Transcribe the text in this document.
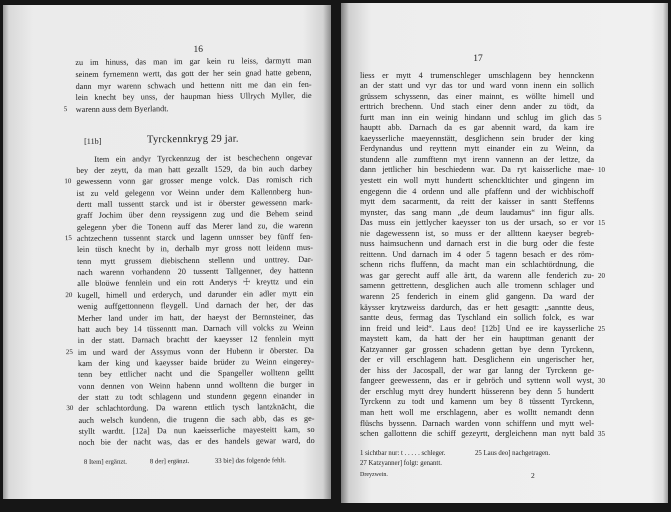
16
zu im hinuss, das man im gar kein ru leiss, darmytt man
seinem fyrnemenn wertt, das gott der her sein gnad hatte gebenn,
dann myr warenn schwach und hettenn nitt me dan ein fen-
lein knecht bey unss, der haupman hiess Ullrych Myller, die
5	warenn auss dem Byerlandt.
[11b]	Tyrckennkryg 29 jar.
Item ein andyr Tyrckennzug der ist beschechenn ongevar
bey der zeytt, da man hatt gezallt 1529, da bin auch darbey
10 gewessenn vonn gar grosser menge volck. Das romisch rich
ist zu veld gelegenn vor Weinn under dem Kallennberg hun-
dertt mall tussentt starck und ist ir öberster gewessenn mark-
graff Jochim über denn reyssigenn zug und die Behem seind
gelegenn yber die Tonenn auff das Merer land zu, die warenn
15 achtzechenn tussennt starck und lagenn unnsser bey fünff fen-
lein tüsch knecht by in, derhalb myr gross nott leidenn mus-
tenn mytt grussem diebischenn stellenn und unttrey. Dar-
nach warenn vorhandenn 20 tussentt Tallgenner, dey hattenn
alle bloüwe fennlein und ein rott Anderys ☩ kreyttz und ein
20 kugell, himell und erderych, und darunder ein adler mytt ein
wenig auffgettonnenn fleygell. Und darnach der her, der das
Merher land under im hatt, der haeyst der Bernnsteiner, das
hatt auch bey 14 tüssenntt man. Darnach vill volcks zu Weinn
in der statt. Darnach brachtt der kaeysser 12 fennlein mytt
25 im und ward der Assymus vonn der Hubenn ir öberster. Da
kam der king und kaeysser baide brüder zu Weinn eingerey-
tenn bey ettlicher nacht und die Spangeller wolltenn gelltt
vonn dennen von Weinn habenn unnd wolltenn die burger in
der statt zu todt schlagenn und stundenn gegenn einander in
30 der schlachtordung. Da warenn ettlich tysch lantzknächt, die
auch welsch kundenn, die trugenn die sach abb, das es ge-
styllt wardtt. [12a] Da nun kaeisserliche mayesteitt kam, so
noch bie der nacht was, das er des handels gewar ward, do
8 Item] ergänzt.	8 der] ergänzt.	33 bie] das folgende fehlt.
17
liess er mytt 4 trumenschleger umschlagenn bey hennckenn
an der statt und vyr das tor und ward vonn inenn ein sollich
grüssem schyssenn, das einer mainnt, es wöllte himell und
erttrich brechenn. Und stach einer denn ander zu tödt, da
5
furtt man inn ein weinig hindann und schlug im glich das
hauptt abb. Darnach da es gar abennit ward, da kam ire
kaeysserliche maeyennstätt, desglichenn sein bruder der king
Ferdynandus und reyttenn mytt einander ein zu Weinn, da
stundenn alle zumfftenn myt irenn vannenn an der lettze, da
10
dann jettlicher hin beschiedenn war. Da ryt kaisserliche mae-
yestett ein woll mytt hundertt schenckltichter und gingenn im
engegenn die 4 ordenn und alle pfaffenn und der wichbischoff
mytt dem sacarmentt, da reitt der kaisser in santt Steffenns
mynster, das sang mann „de deum laudamus“ inn figur alls.
15
Das muss ein jettlycher kaeysser ton us der ursach, so er vor
nie dagewessenn ist, so muss er der allttenn kaeyser begreb-
nuss haimsuchenn und darnach erst in die burg oder die feste
reittenn. Und darnach im 4 oder 5 tagenn besach er des röm-
schenn richs fluffenn, da macht man ein schlachtördnung, die
20
was gar gerecht auff alle ärtt, da warenn alle fenderich zu-
samenn gettrettenn, desglichen auch alle tromenn schlager und
warenn 25 fenderich in einem glid gangenn. Da ward der
käysser krytzweiss dardurch, das er hett gesagtt: „sanntte deus,
santte deus, fermag das Tyschland ein sollich folck, es war
25
inn freid und leid“. Laus deo! [12b] Und ee ire kaysserliche
maystett kam, da hatt der her ein haupttman genantt der
Katzyanner gar grossen schadenn gettan bye denn Tyrckenn,
der er vill erschlagenn hatt. Desglichenn ein ungerischer her,
der hiss der Jacospall, der war gar lanng der Tyrckenn ge-
30
fangeer geewessenn, das er ir gebröch und syttenn woll wyst,
der erschlug mytt drey hundertt hüsserenn bey denn 5 hundertt
Tyrckenn zu todt und kamenn um bey 8 tüssentt Tyrckenn,
man hett woll me erschlagenn, aber es wolltt nemandt denn
flüschs byssenn. Darnach warden vonn schiffenn und mytt wel-
35
schen gallottenn die schiff gezeyrtt, dergleichenn man nytt bald
1 sichtbar nur: t . . . . . schleger.	25 Laus deo] nachgetragen.
27 Katzyanner] folgt: genantt.
Dreyzwein.	2
